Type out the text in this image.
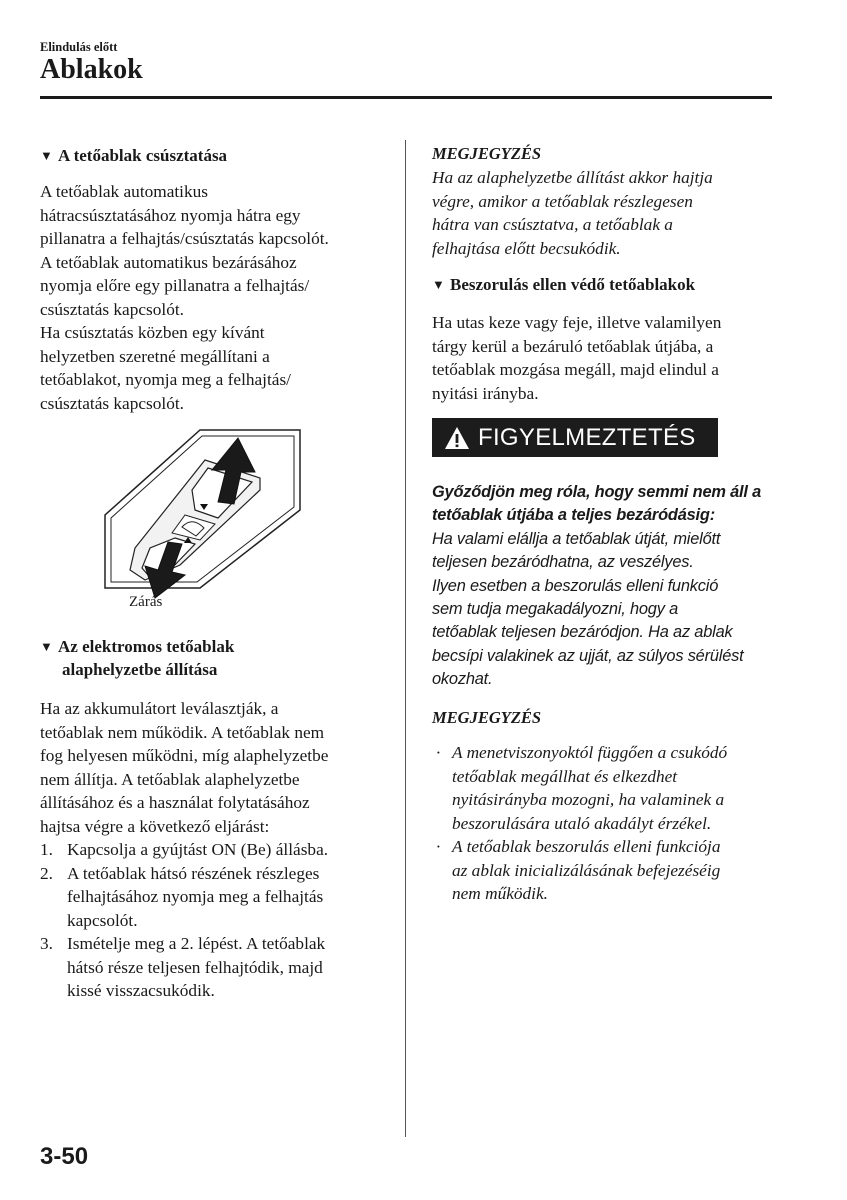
Elindulás előtt
Ablakok
▼ A tetőablak csúsztatása
A tetőablak automatikus
hátracsúsztatásához nyomja hátra egy
pillanatra a felhajtás/csúsztatás kapcsolót.
A tetőablak automatikus bezárásához
nyomja előre egy pillanatra a felhajtás/
csúsztatás kapcsolót.
Ha csúsztatás közben egy kívánt
helyzetben szeretné megállítani a
tetőablakot, nyomja meg a felhajtás/
csúsztatás kapcsolót.
Zárás
▼ Az elektromos tetőablak
alaphelyzetbe állítása
Ha az akkumulátort leválasztják, a
tetőablak nem működik. A tetőablak nem
fog helyesen működni, míg alaphelyzetbe
nem állítja. A tetőablak alaphelyzetbe
állításához és a használat folytatásához
hajtsa végre a következő eljárást:
1. Kapcsolja a gyújtást ON (Be) állásba.
2. A tetőablak hátsó részének részleges
felhajtásához nyomja meg a felhajtás
kapcsolót.
3. Ismételje meg a 2. lépést. A tetőablak
hátsó része teljesen felhajtódik, majd
kissé visszacsukódik.
MEGJEGYZÉS
Ha az alaphelyzetbe állítást akkor hajtja
végre, amikor a tetőablak részlegesen
hátra van csúsztatva, a tetőablak a
felhajtása előtt becsukódik.
▼ Beszorulás ellen védő tetőablakok
Ha utas keze vagy feje, illetve valamilyen
tárgy kerül a bezáruló tetőablak útjába, a
tetőablak mozgása megáll, majd elindul a
nyitási irányba.
FIGYELMEZTETÉS
Győződjön meg róla, hogy semmi nem áll a
tetőablak útjába a teljes bezáródásig:
Ha valami elállja a tetőablak útját, mielőtt
teljesen bezáródhatna, az veszélyes.
Ilyen esetben a beszorulás elleni funkció
sem tudja megakadályozni, hogy a
tetőablak teljesen bezáródjon. Ha az ablak
becsípi valakinek az ujját, az súlyos sérülést
okozhat.
MEGJEGYZÉS
· A menetviszonyoktól függően a csukódó
tetőablak megállhat és elkezdhet
nyitásirányba mozogni, ha valaminek a
beszorulására utaló akadályt érzékel.
· A tetőablak beszorulás elleni funkciója
az ablak inicializálásának befejezéséig
nem működik.
3-50
